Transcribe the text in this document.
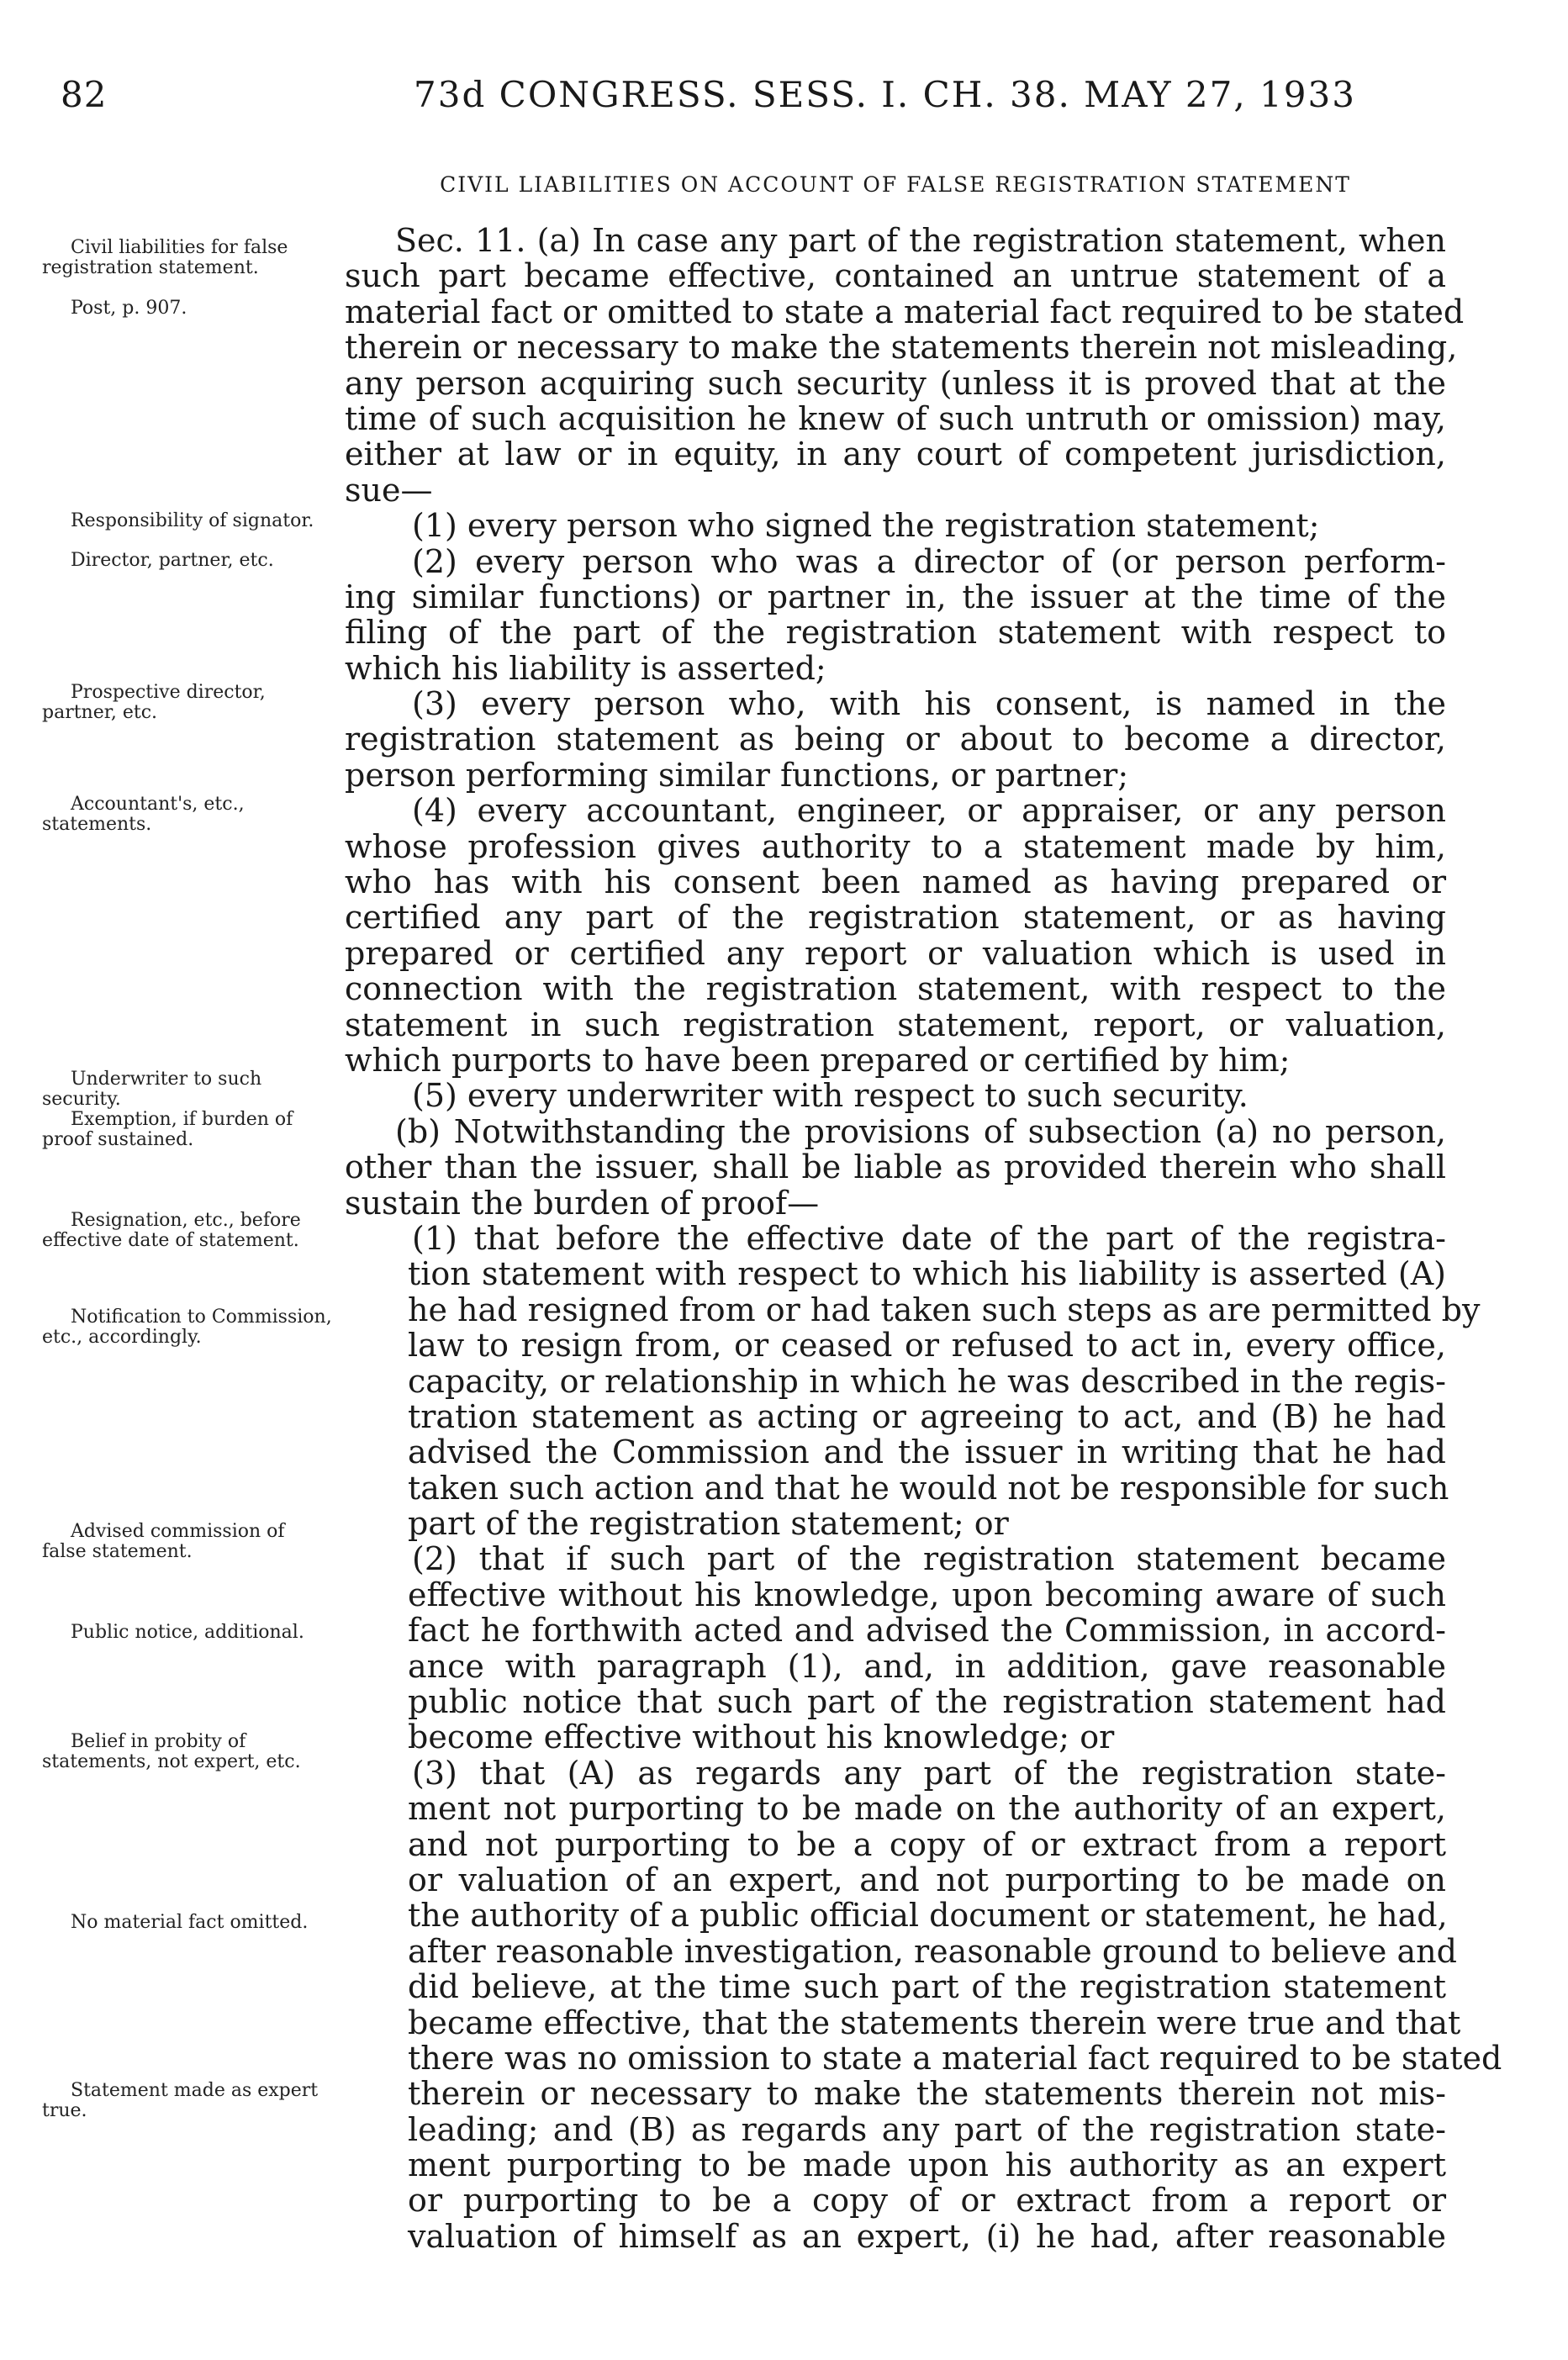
82	73d CONGRESS. SESS. I. CH. 38. MAY 27, 1933
CIVIL LIABILITIES ON ACCOUNT OF FALSE REGISTRATION STATEMENT
Civil liabilities for false registration statement.
Post, p. 907.
Responsibility of signator.
Director, partner, etc.
Prospective director, partner, etc.
Accountant's, etc., statements.
Underwriter to such security.
Exemption, if burden of proof sustained.
Resignation, etc., before effective date of statement.
Notification to Commission, etc., accordingly.
Advised commission of false statement.
Public notice, additional.
Belief in probity of statements, not expert, etc.
No material fact omitted.
Statement made as expert true.
Sec. 11. (a) In case any part of the registration statement, when
such part became effective, contained an untrue statement of a
material fact or omitted to state a material fact required to be stated
therein or necessary to make the statements therein not misleading,
any person acquiring such security (unless it is proved that at the
time of such acquisition he knew of such untruth or omission) may,
either at law or in equity, in any court of competent jurisdiction,
sue—
(1) every person who signed the registration statement;
(2) every person who was a director of (or person perform-
ing similar functions) or partner in, the issuer at the time of the
filing of the part of the registration statement with respect to
which his liability is asserted;
(3) every person who, with his consent, is named in the
registration statement as being or about to become a director,
person performing similar functions, or partner;
(4) every accountant, engineer, or appraiser, or any person
whose profession gives authority to a statement made by him,
who has with his consent been named as having prepared or
certified any part of the registration statement, or as having
prepared or certified any report or valuation which is used in
connection with the registration statement, with respect to the
statement in such registration statement, report, or valuation,
which purports to have been prepared or certified by him;
(5) every underwriter with respect to such security.
(b) Notwithstanding the provisions of subsection (a) no person,
other than the issuer, shall be liable as provided therein who shall
sustain the burden of proof—
(1) that before the effective date of the part of the registra-
tion statement with respect to which his liability is asserted (A)
he had resigned from or had taken such steps as are permitted by
law to resign from, or ceased or refused to act in, every office,
capacity, or relationship in which he was described in the regis-
tration statement as acting or agreeing to act, and (B) he had
advised the Commission and the issuer in writing that he had
taken such action and that he would not be responsible for such
part of the registration statement; or
(2) that if such part of the registration statement became
effective without his knowledge, upon becoming aware of such
fact he forthwith acted and advised the Commission, in accord-
ance with paragraph (1), and, in addition, gave reasonable
public notice that such part of the registration statement had
become effective without his knowledge; or
(3) that (A) as regards any part of the registration state-
ment not purporting to be made on the authority of an expert,
and not purporting to be a copy of or extract from a report
or valuation of an expert, and not purporting to be made on
the authority of a public official document or statement, he had,
after reasonable investigation, reasonable ground to believe and
did believe, at the time such part of the registration statement
became effective, that the statements therein were true and that
there was no omission to state a material fact required to be stated
therein or necessary to make the statements therein not mis-
leading; and (B) as regards any part of the registration state-
ment purporting to be made upon his authority as an expert
or purporting to be a copy of or extract from a report or
valuation of himself as an expert, (i) he had, after reasonable
